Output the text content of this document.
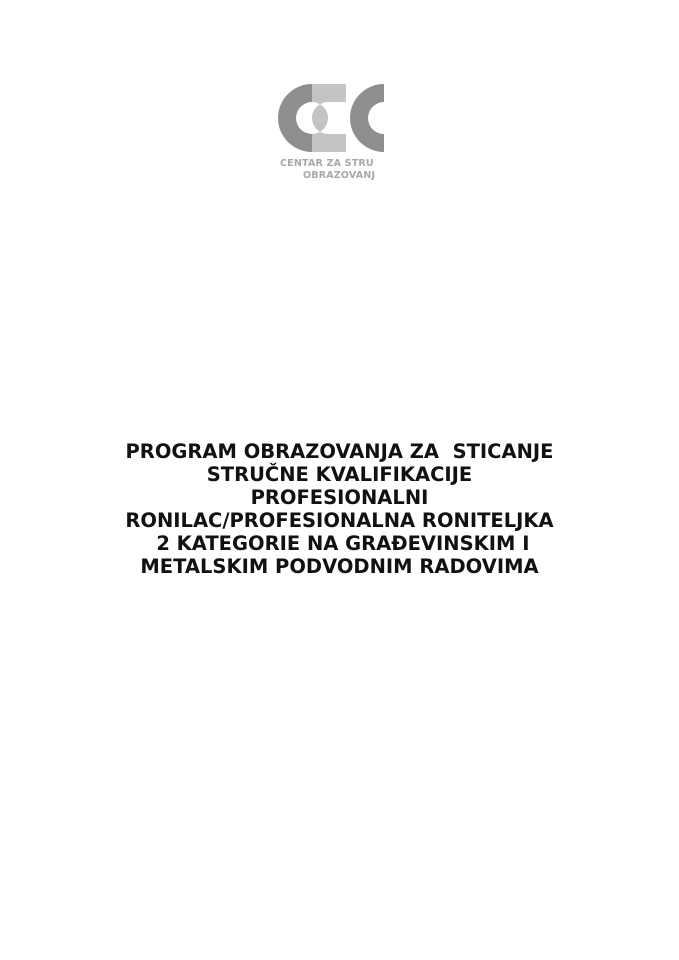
CENTAR ZA STRU
OBRAZOVANJ
PROGRAM OBRAZOVANJA ZA  STICANJE
STRUČNE KVALIFIKACIJE
PROFESIONALNI
RONILAC/PROFESIONALNA RONITELJKA
2 KATEGORIE NA GRAĐEVINSKIM I
METALSKIM PODVODNIM RADOVIMA
